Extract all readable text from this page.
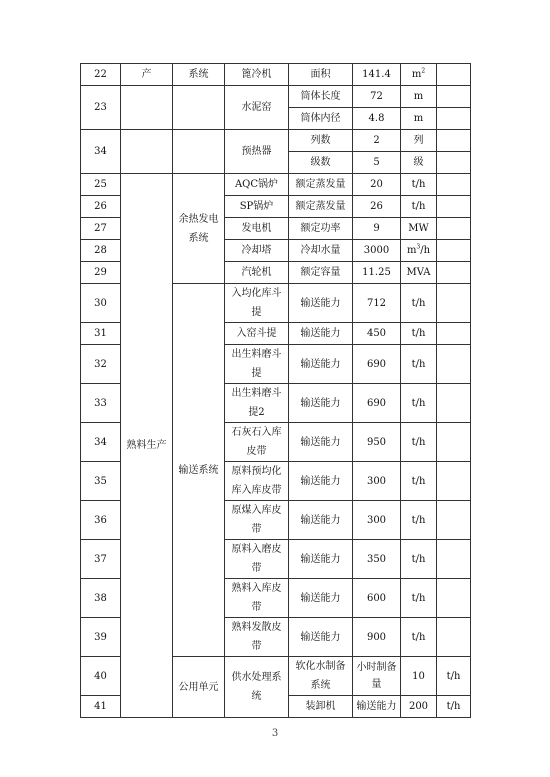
22	产	系统	篦冷机	面积	141.4	$m^2$	
23			水泥窑	筒体长度	72	m		
				筒体内径	4.8	m		
34			预热器	列数	2	列		
				级数	5	级		
25	熟料生产	余热发电系统	AQC锅炉	额定蒸发量	20	t/h		
26			SP锅炉	额定蒸发量	26	t/h		
27			发电机	额定功率	9	MW		
28			冷却塔	冷却水量	3000	$m^3/h$		
29			汽轮机	额定容量	11.25	MVA		
30		输送系统	入均化库斗提	输送能力	712	t/h		
31			入窑斗提	输送能力	450	t/h		
32			出生料磨斗提	输送能力	690	t/h		
33			出生料磨斗提2	输送能力	690	t/h		
34			石灰石入库皮带	输送能力	950	t/h		
35			原料预均化库入库皮带	输送能力	300	t/h		
36			原煤入库皮带	输送能力	300	t/h		
37			原料入磨皮带	输送能力	350	t/h		
38			熟料入库皮带	输送能力	600	t/h		
39			熟料发散皮带	输送能力	900	t/h		
40		公用单元	供水处理系统	软化水制备系统	小时制备量	10	t/h	
41				装卸机	输送能力	200	t/h	
3
